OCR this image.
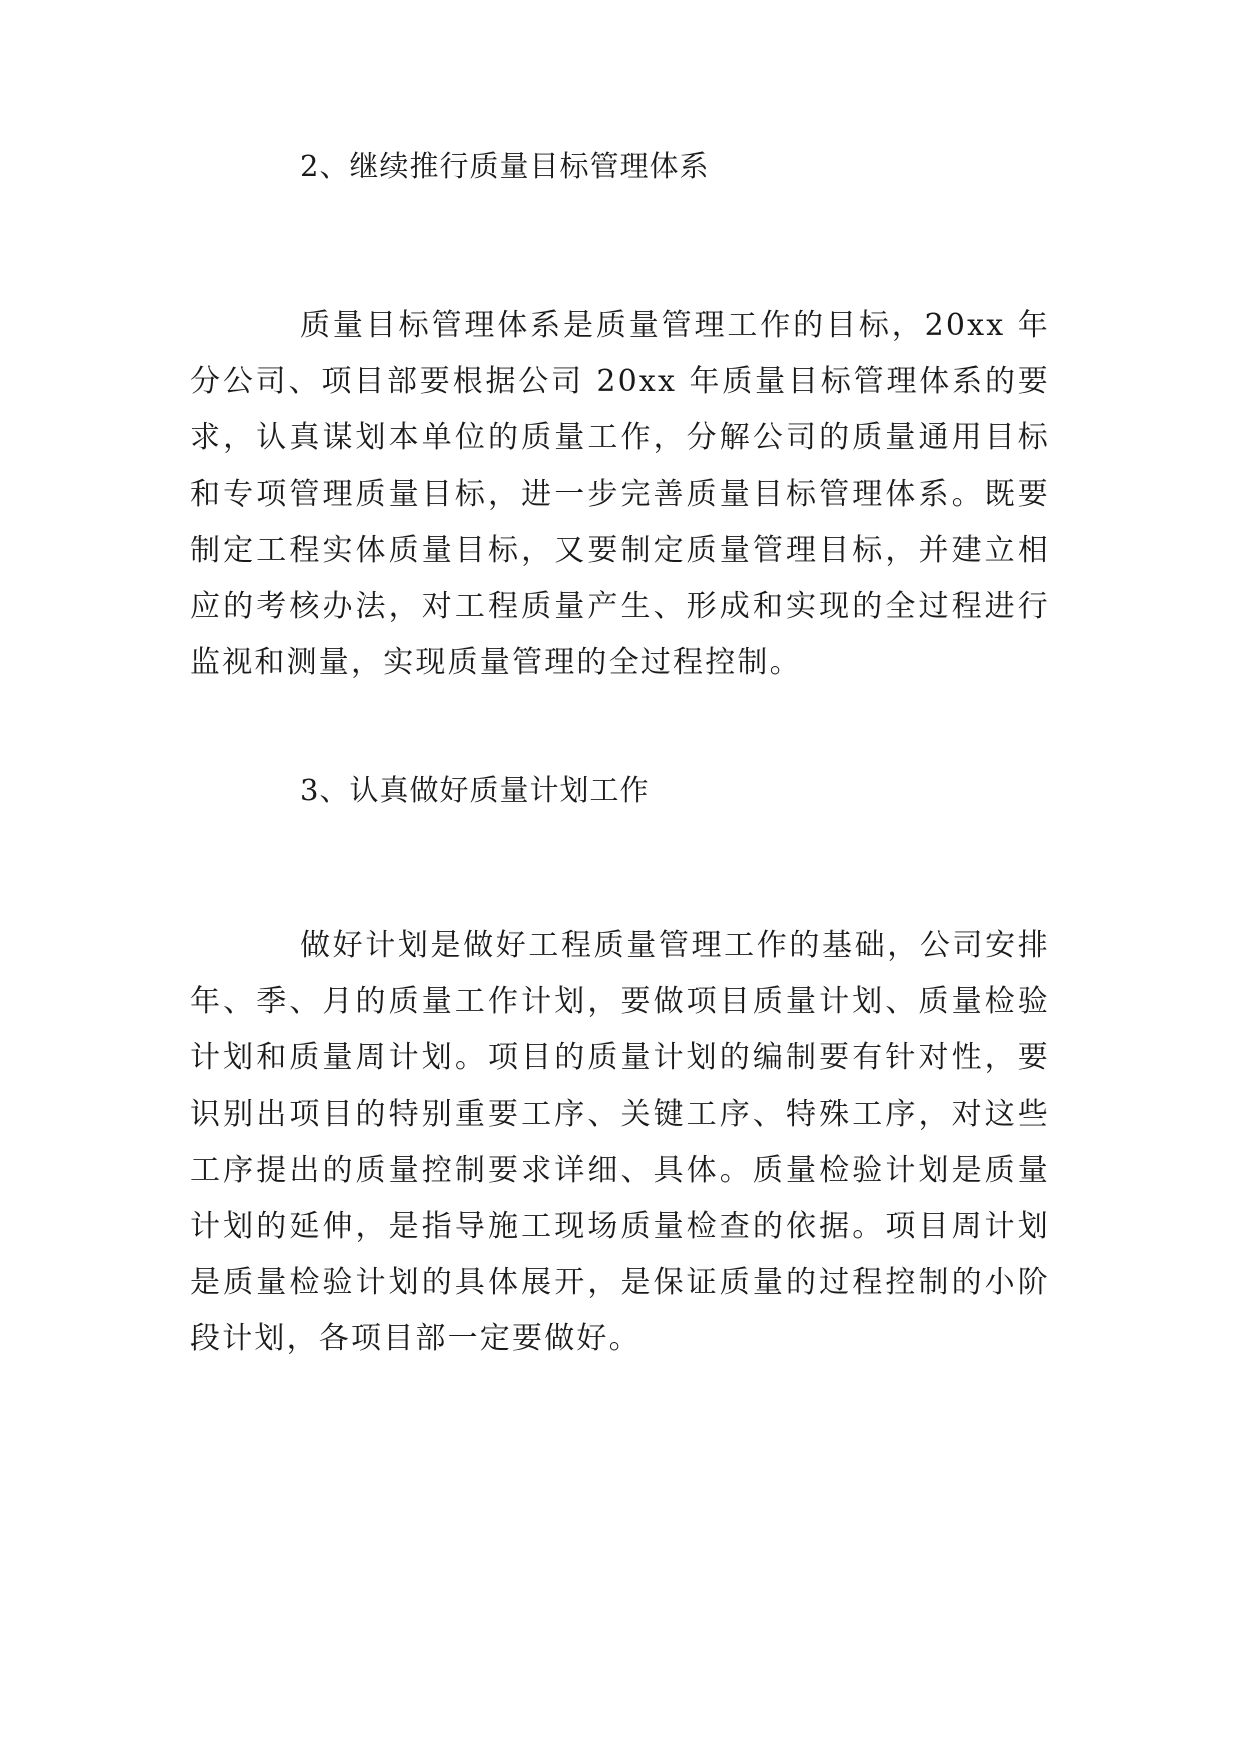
2、继续推行质量目标管理体系
质量目标管理体系是质量管理工作的目标，20xx 年
分公司、项目部要根据公司 20xx 年质量目标管理体系的要
求，认真谋划本单位的质量工作，分解公司的质量通用目标
和专项管理质量目标，进一步完善质量目标管理体系。既要
制定工程实体质量目标，又要制定质量管理目标，并建立相
应的考核办法，对工程质量产生、形成和实现的全过程进行
监视和测量，实现质量管理的全过程控制。
3、认真做好质量计划工作
做好计划是做好工程质量管理工作的基础，公司安排
年、季、月的质量工作计划，要做项目质量计划、质量检验
计划和质量周计划。项目的质量计划的编制要有针对性，要
识别出项目的特别重要工序、关键工序、特殊工序，对这些
工序提出的质量控制要求详细、具体。质量检验计划是质量
计划的延伸，是指导施工现场质量检查的依据。项目周计划
是质量检验计划的具体展开，是保证质量的过程控制的小阶
段计划，各项目部一定要做好。
